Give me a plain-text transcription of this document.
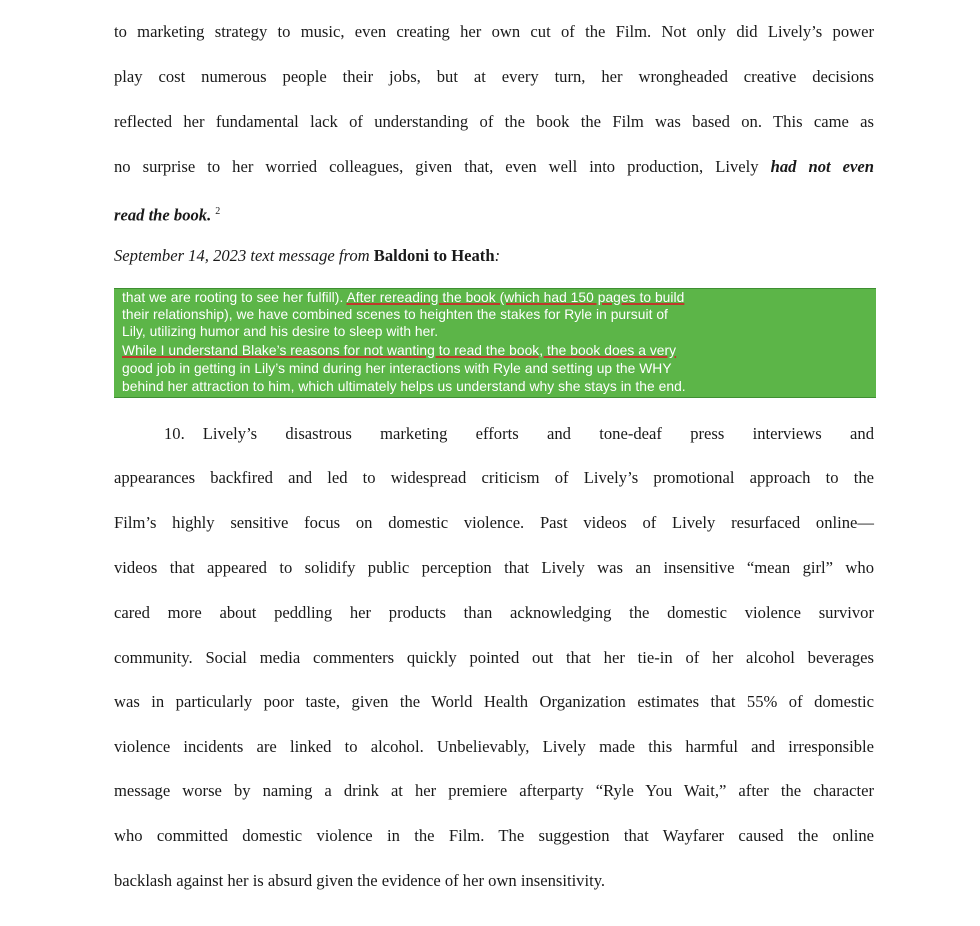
to marketing strategy to music, even creating her own cut of the Film. Not only did Lively’s power
play cost numerous people their jobs, but at every turn, her wrongheaded creative decisions
reflected her fundamental lack of understanding of the book the Film was based on. This came as
no surprise to her worried colleagues, given that, even well into production, Lively had not even
read the book. $^2$
September 14, 2023 text message from Baldoni to Heath:
that we are rooting to see her fulfill). After rereading the book (which had 150 pages to build
their relationship), we have combined scenes to heighten the stakes for Ryle in pursuit of
Lily, utilizing humor and his desire to sleep with her.
While I understand Blake’s reasons for not wanting to read the book, the book does a very
good job in getting in Lily’s mind during her interactions with Ryle and setting up the WHY
behind her attraction to him, which ultimately helps us understand why she stays in the end.
10. Lively’s disastrous marketing efforts and tone-deaf press interviews and
appearances backfired and led to widespread criticism of Lively’s promotional approach to the
Film’s highly sensitive focus on domestic violence. Past videos of Lively resurfaced online—
videos that appeared to solidify public perception that Lively was an insensitive “mean girl” who
cared more about peddling her products than acknowledging the domestic violence survivor
community. Social media commenters quickly pointed out that her tie-in of her alcohol beverages
was in particularly poor taste, given the World Health Organization estimates that 55% of domestic
violence incidents are linked to alcohol. Unbelievably, Lively made this harmful and irresponsible
message worse by naming a drink at her premiere afterparty “Ryle You Wait,” after the character
who committed domestic violence in the Film. The suggestion that Wayfarer caused the online
backlash against her is absurd given the evidence of her own insensitivity.
